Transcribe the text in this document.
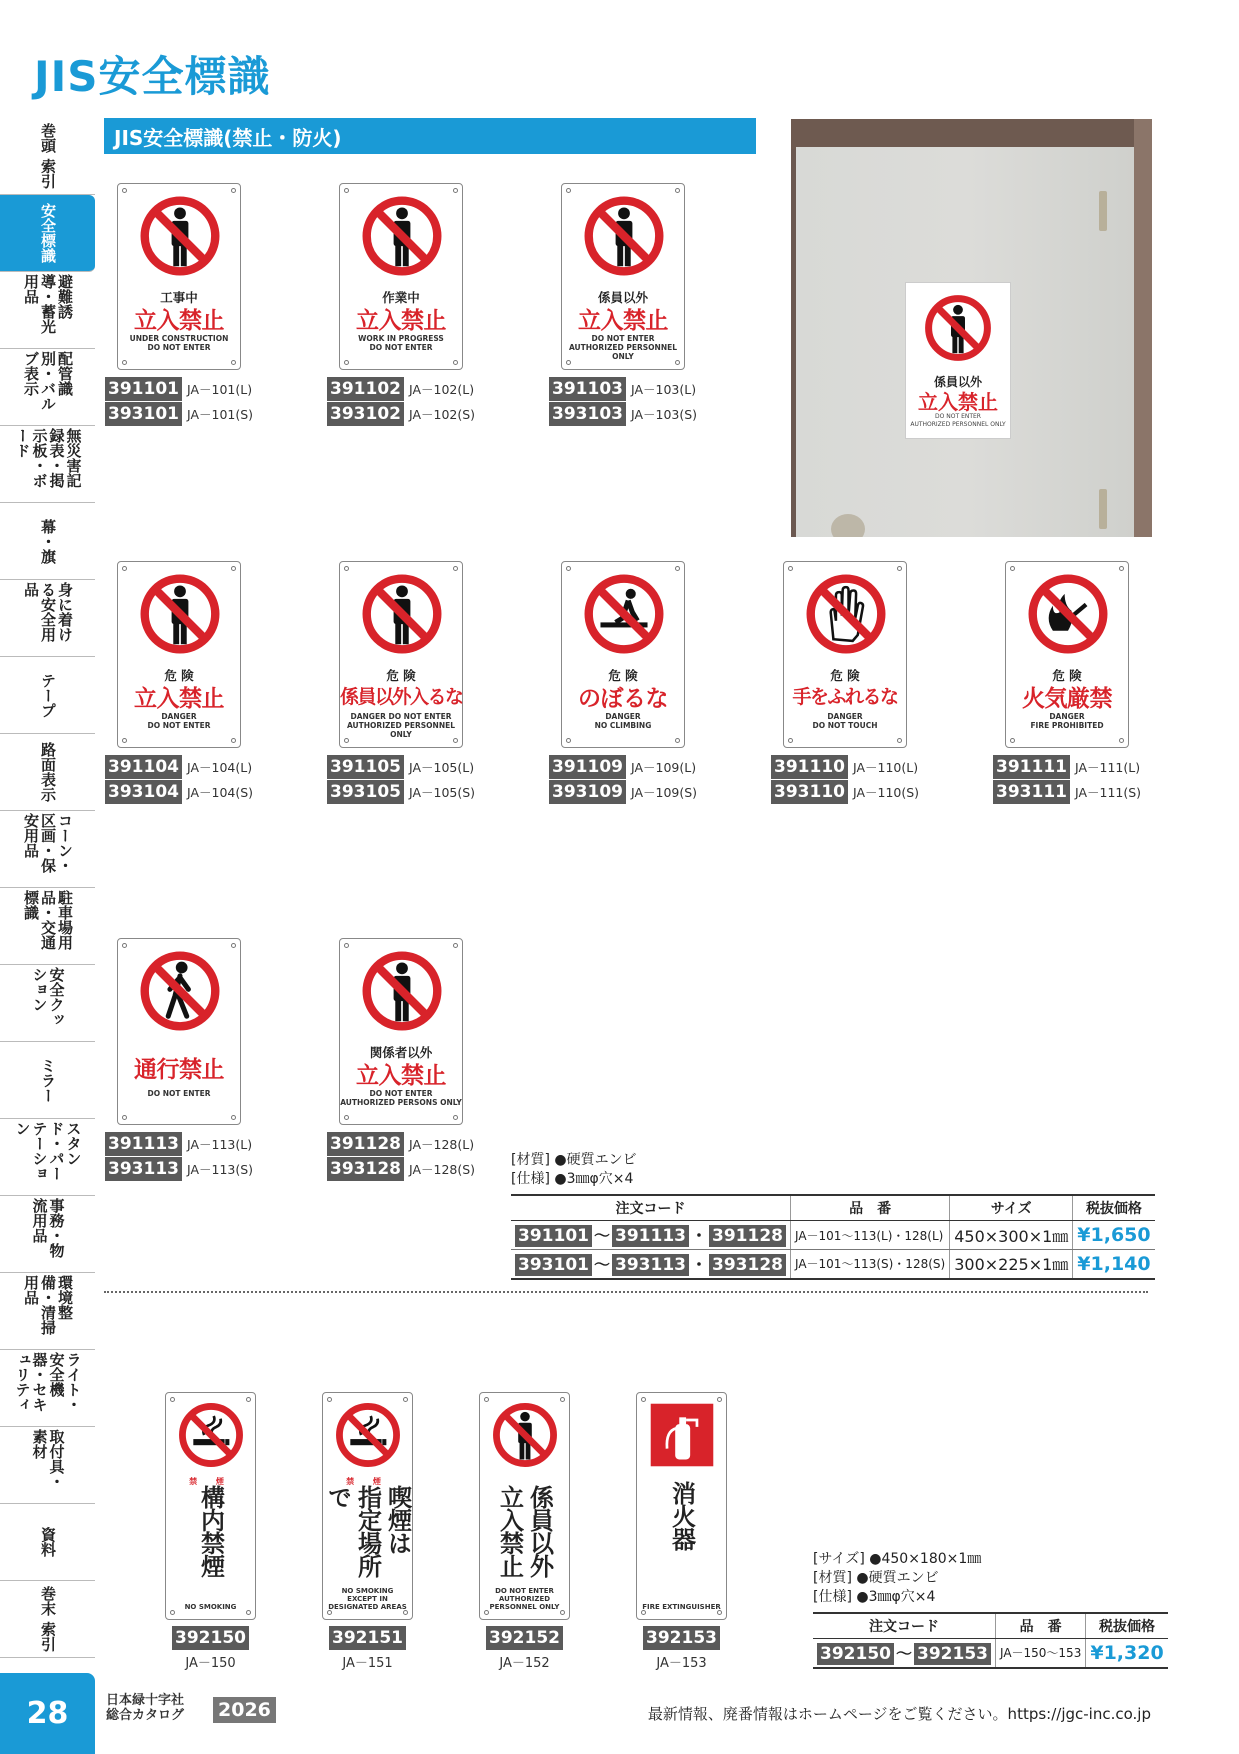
JIS安全標識
巻頭 索引
安全標識
避難誘導・蓄光用品
配管識別・バルブ表示
無災害記録表・掲示板・ボード
幕・旗
身に着ける安全用品
テープ
路面表示
コーン・区画・保安用品
駐車場用品・交通標識
安全クッション
ミラー
スタンド・パーテーション
事務・物流用品
環境整備・清掃用品
ライト・安全機器・セキュリティ
取付具・素材
資料
巻末 索引
JIS安全標識(禁止・防火)
工事中
立入禁止
UNDER CONSTRUCTION
DO NOT ENTER
391101 JA－101(L)
393101 JA－101(S)
作業中
立入禁止
WORK IN PROGRESS
DO NOT ENTER
391102 JA－102(L)
393102 JA－102(S)
係員以外
立入禁止
DO NOT ENTER
AUTHORIZED PERSONNEL ONLY
391103 JA－103(L)
393103 JA－103(S)
危 険
立入禁止
DANGER
DO NOT ENTER
391104 JA－104(L)
393104 JA－104(S)
危 険
係員以外入るな
DANGER DO NOT ENTER
AUTHORIZED PERSONNEL ONLY
391105 JA－105(L)
393105 JA－105(S)
危 険
のぼるな
DANGER
NO CLIMBING
391109 JA－109(L)
393109 JA－109(S)
危 険
手をふれるな
DANGER
DO NOT TOUCH
391110 JA－110(L)
393110 JA－110(S)
危 険
火気厳禁
DANGER
FIRE PROHIBITED
391111 JA－111(L)
393111 JA－111(S)
通行禁止
DO NOT ENTER
391113 JA－113(L)
393113 JA－113(S)
関係者以外
立入禁止
DO NOT ENTER
AUTHORIZED PERSONS ONLY
391128 JA－128(L)
393128 JA－128(S)
係員以外
立入禁止
DO NOT ENTER
AUTHORIZED PERSONNEL ONLY
[材質] ●硬質エンビ
[仕様] ●3㎜φ穴×4
注文コード	品　番	サイズ	税抜価格
391101 ～ 391113 ・ 391128	JA－101～113(L)・128(L)	450×300×1㎜	¥1,650
393101 ～ 393113 ・ 393128	JA－101～113(S)・128(S)	300×225×1㎜	¥1,140
禁 煙
構内禁煙
NO SMOKING
392150
JA－150
禁 煙
指定場所で	喫煙は
NO SMOKING
EXCEPT IN DESIGNATED AREAS
392151
JA－151
立入禁止 係員以外
DO NOT ENTER
AUTHORIZED PERSONNEL ONLY
392152
JA－152
消火器
FIRE EXTINGUISHER
392153
JA－153
[サイズ] ●450×180×1㎜
[材質] ●硬質エンビ
[仕様] ●3㎜φ穴×4
注文コード	品　番	税抜価格
392150 ～ 392153	JA－150～153	¥1,320
28	日本緑十字社
総合カタログ 2026	最新情報、廃番情報はホームページをご覧ください。https://jgc-inc.co.jp
